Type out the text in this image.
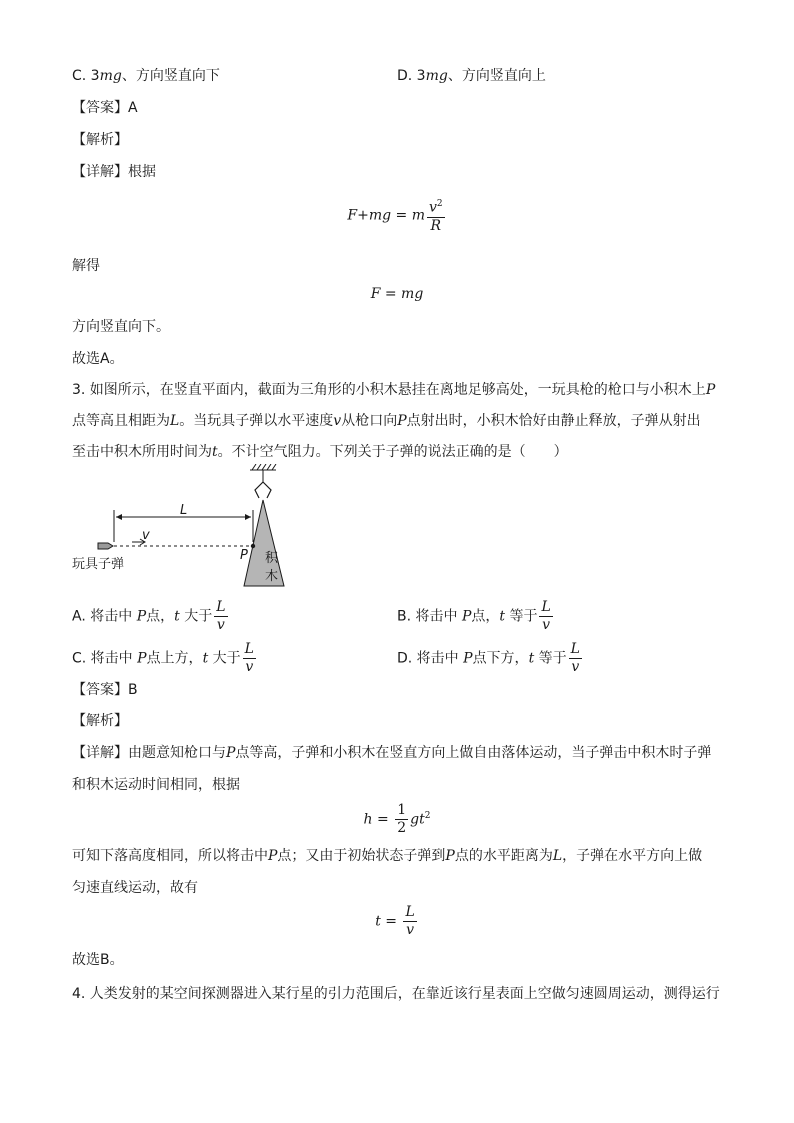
C. 3mg、方向竖直向下	D. 3mg、方向竖直向上
【答案】A
【解析】
【详解】根据
F+mg = m $\frac{v^2}{R}$
解得
F = mg
方向竖直向下。
故选A。
3. 如图所示，在竖直平面内，截面为三角形的小积木悬挂在离地足够高处，一玩具枪的枪口与小积木上P
点等高且相距为L。当玩具子弹以水平速度v从枪口向P点射出时，小积木恰好由静止释放，子弹从射出
至击中积木所用时间为t。不计空气阻力。下列关于子弹的说法正确的是（　　）
积
木
L
v
P
玩具子弹
A. 将击中 P点，t 大于 $\frac{L}{v}$	B. 将击中 P点，t 等于 $\frac{L}{v}$
C. 将击中 P点上方，t 大于 $\frac{L}{v}$	D. 将击中 P点下方，t 等于 $\frac{L}{v}$
【答案】B
【解析】
【详解】由题意知枪口与P点等高，子弹和小积木在竖直方向上做自由落体运动，当子弹击中积木时子弹
和积木运动时间相同，根据
$h = \frac{1}{2} gt^2$
可知下落高度相同，所以将击中P点；又由于初始状态子弹到P点的水平距离为L，子弹在水平方向上做
匀速直线运动，故有
$t = \frac{L}{v}$
故选B。
4. 人类发射的某空间探测器进入某行星的引力范围后，在靠近该行星表面上空做匀速圆周运动，测得运行
